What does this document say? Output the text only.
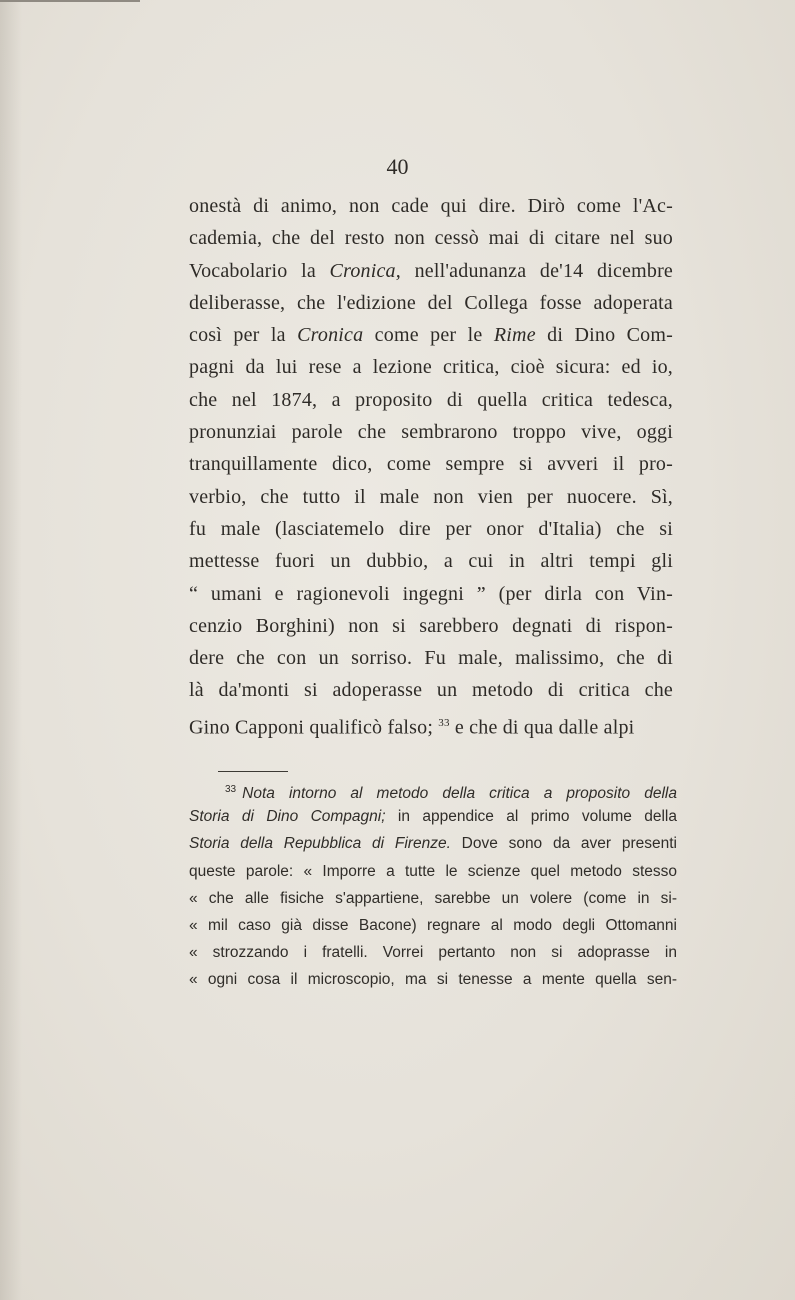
40
onestà di animo, non cade qui dire. Dirò come l'Ac-
cademia, che del resto non cessò mai di citare nel suo
Vocabolario la Cronica, nell'adunanza de'14 dicembre
deliberasse, che l'edizione del Collega fosse adoperata
così per la Cronica come per le Rime di Dino Com-
pagni da lui rese a lezione critica, cioè sicura: ed io,
che nel 1874, a proposito di quella critica tedesca,
pronunziai parole che sembrarono troppo vive, oggi
tranquillamente dico, come sempre si avveri il pro-
verbio, che tutto il male non vien per nuocere. Sì,
fu male (lasciatemelo dire per onor d'Italia) che si
mettesse fuori un dubbio, a cui in altri tempi gli
“ umani e ragionevoli ingegni ” (per dirla con Vin-
cenzio Borghini) non si sarebbero degnati di rispon-
dere che con un sorriso. Fu male, malissimo, che di
là da'monti si adoperasse un metodo di critica che
Gino Capponi qualificò falso; $^{33}$ e che di qua dalle alpi
$^{33}$ Nota intorno al metodo della critica a proposito della
Storia di Dino Compagni; in appendice al primo volume della
Storia della Repubblica di Firenze. Dove sono da aver presenti
queste parole: « Imporre a tutte le scienze quel metodo stesso
« che alle fisiche s'appartiene, sarebbe un volere (come in si-
« mil caso già disse Bacone) regnare al modo degli Ottomanni
« strozzando i fratelli. Vorrei pertanto non si adoprasse in
« ogni cosa il microscopio, ma si tenesse a mente quella sen-
